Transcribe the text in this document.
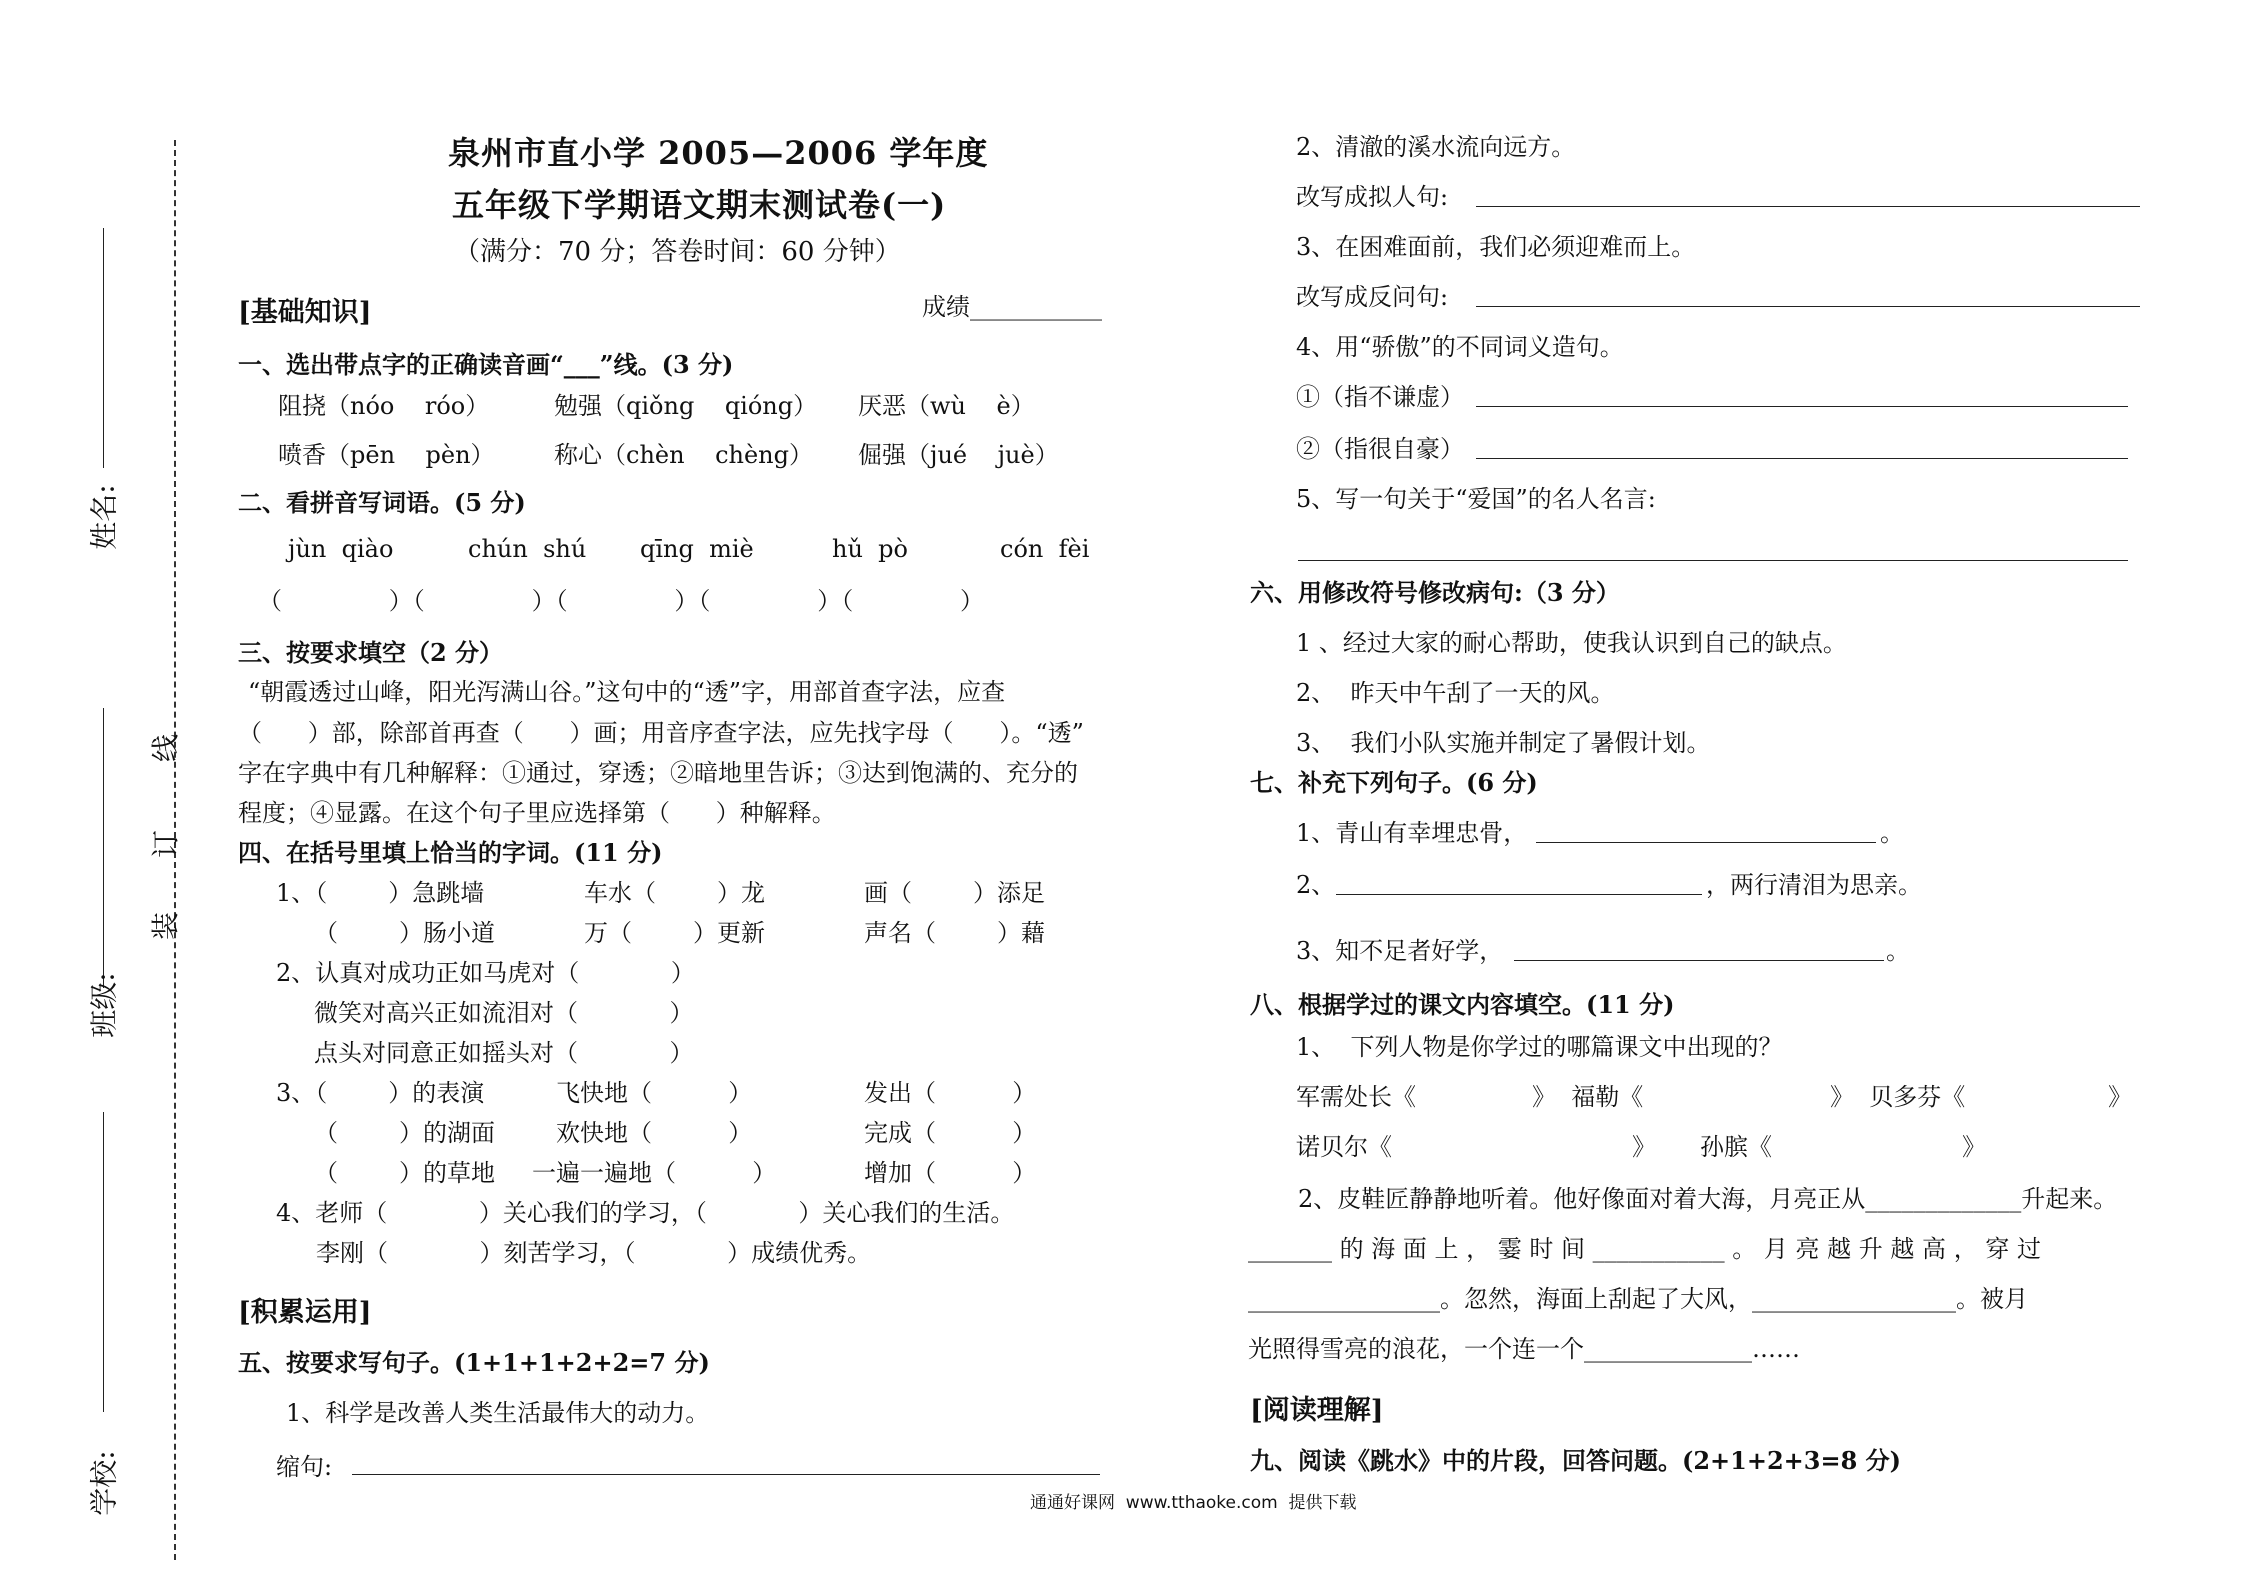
姓名:
班级:
学校:
线
订
装
泉州市直小学 2005—2006 学年度
五年级下学期语文期末测试卷(一)
（满分：70 分；答卷时间：60 分钟）
[基础知识]	成绩___________
一、选出带点字的正确读音画“___”线。(3 分)
阻挠（nóo    róo）	勉强（qiǒng    qióng） 厌恶（wù    è）
喷香（pēn    pèn） 称心（chèn    chèng） 倔强（jué    juè）
二、看拼音写词语。(5 分)
jùn  qiào	chún  shú qīng  miè	hǔ  pò	cón  fèi
（              ）（              ）（              ）（              ）（              ）
三、按要求填空（2 分）
“朝霞透过山峰，阳光泻满山谷。”这句中的“透”字，用部首查字法，应查
（      ）部，除部首再查（      ）画；用音序查字法，应先找字母（      ）。“透”
字在字典中有几种解释：①通过，穿透；②暗地里告诉；③达到饱满的、充分的
程度；④显露。在这个句子里应选择第（      ）种解释。
四、在括号里填上恰当的字词。(11 分)
1、（        ）急跳墙	车水（        ）龙	画（        ）添足
（        ）肠小道	万（        ）更新	声名（        ）藉
2、认真对成功正如马虎对（            ）
微笑对高兴正如流泪对（            ）
点头对同意正如摇头对（            ）
3、（        ）的表演	飞快地（          ）	发出（          ）
（        ）的湖面	欢快地（          ）	完成（          ）
（        ）的草地 一遍一遍地（          ）	增加（          ）
4、老师（            ）关心我们的学习，（            ）关心我们的生活。
李刚（            ）刻苦学习，（            ）成绩优秀。
[积累运用]
五、按要求写句子。(1+1+1+2+2=7 分)
1、科学是改善人类生活最伟大的动力。
缩句:
2、清澈的溪水流向远方。
改写成拟人句:
3、在困难面前，我们必须迎难而上。
改写成反问句:
4、用“骄傲”的不同词义造句。
①（指不谦虚）
②（指很自豪）
5、写一句关于“爱国”的名人名言:
六、用修改符号修改病句:（3 分）
1 、经过大家的耐心帮助，使我认识到自己的缺点。
2、  昨天中午刮了一天的风。
3、  我们小队实施并制定了暑假计划。
七、补充下列句子。(6 分)
1、青山有幸埋忠骨，	。
2、	，两行清泪为思亲。
3、知不足者好学，	。
八、根据学过的课文内容填空。(11 分)
1、  下列人物是你学过的哪篇课文中出现的？
军需处长《	》  福勒《	》  贝多芬《	》
诺贝尔《	》 孙膑《	》
2、皮鞋匠静静地听着。他好像面对着大海，月亮正从_____________升起来。
_______ 的 海 面 上 ， 霎 时 间 ___________ 。 月 亮 越 升 越 高 ， 穿 过
________________。忽然，海面上刮起了大风，_________________。被月
光照得雪亮的浪花，一个连一个______________……
[阅读理解]
九、阅读《跳水》中的片段，回答问题。(2+1+2+3=8 分)
通通好课网  www.tthaoke.com  提供下载
